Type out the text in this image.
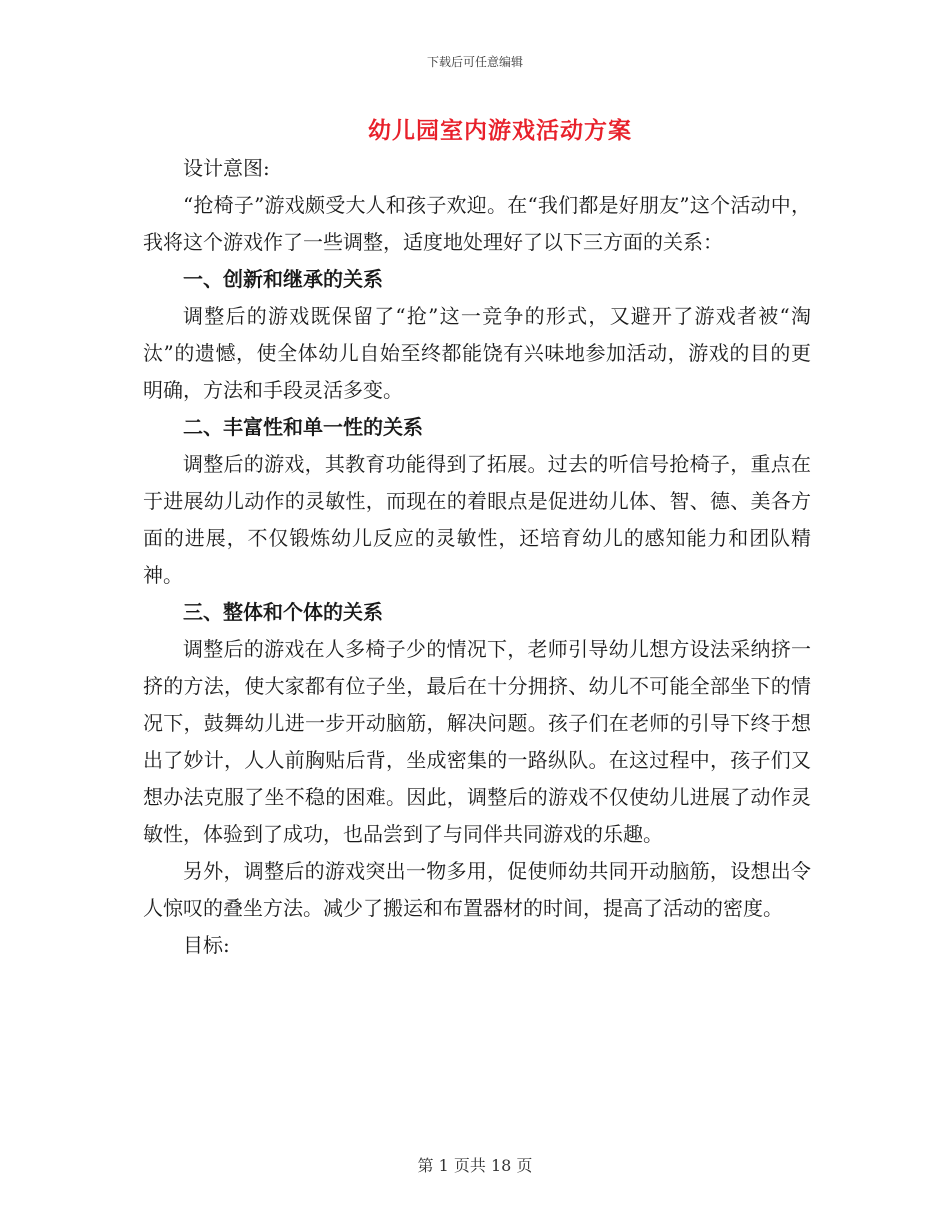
下载后可任意编辑
幼儿园室内游戏活动方案

设计意图:

“抢椅子”游戏颇受大人和孩子欢迎。在“我们都是好朋友”这个活动中，我将这个游戏作了一些调整，适度地处理好了以下三方面的关系：

一、创新和继承的关系

调整后的游戏既保留了“抢”这一竞争的形式，又避开了游戏者被“淘汰”的遗憾，使全体幼儿自始至终都能饶有兴味地参加活动，游戏的目的更明确，方法和手段灵活多变。

二、丰富性和单一性的关系

调整后的游戏，其教育功能得到了拓展。过去的听信号抢椅子，重点在于进展幼儿动作的灵敏性，而现在的着眼点是促进幼儿体、智、德、美各方面的进展，不仅锻炼幼儿反应的灵敏性，还培育幼儿的感知能力和团队精神。

三、整体和个体的关系

调整后的游戏在人多椅子少的情况下，老师引导幼儿想方设法采纳挤一挤的方法，使大家都有位子坐，最后在十分拥挤、幼儿不可能全部坐下的情况下，鼓舞幼儿进一步开动脑筋，解决问题。孩子们在老师的引导下终于想出了妙计，人人前胸贴后背，坐成密集的一路纵队。在这过程中，孩子们又想办法克服了坐不稳的困难。因此，调整后的游戏不仅使幼儿进展了动作灵敏性，体验到了成功，也品尝到了与同伴共同游戏的乐趣。

另外，调整后的游戏突出一物多用，促使师幼共同开动脑筋，设想出令人惊叹的叠坐方法。减少了搬运和布置器材的时间，提高了活动的密度。

目标:

第 1 页共 18 页
